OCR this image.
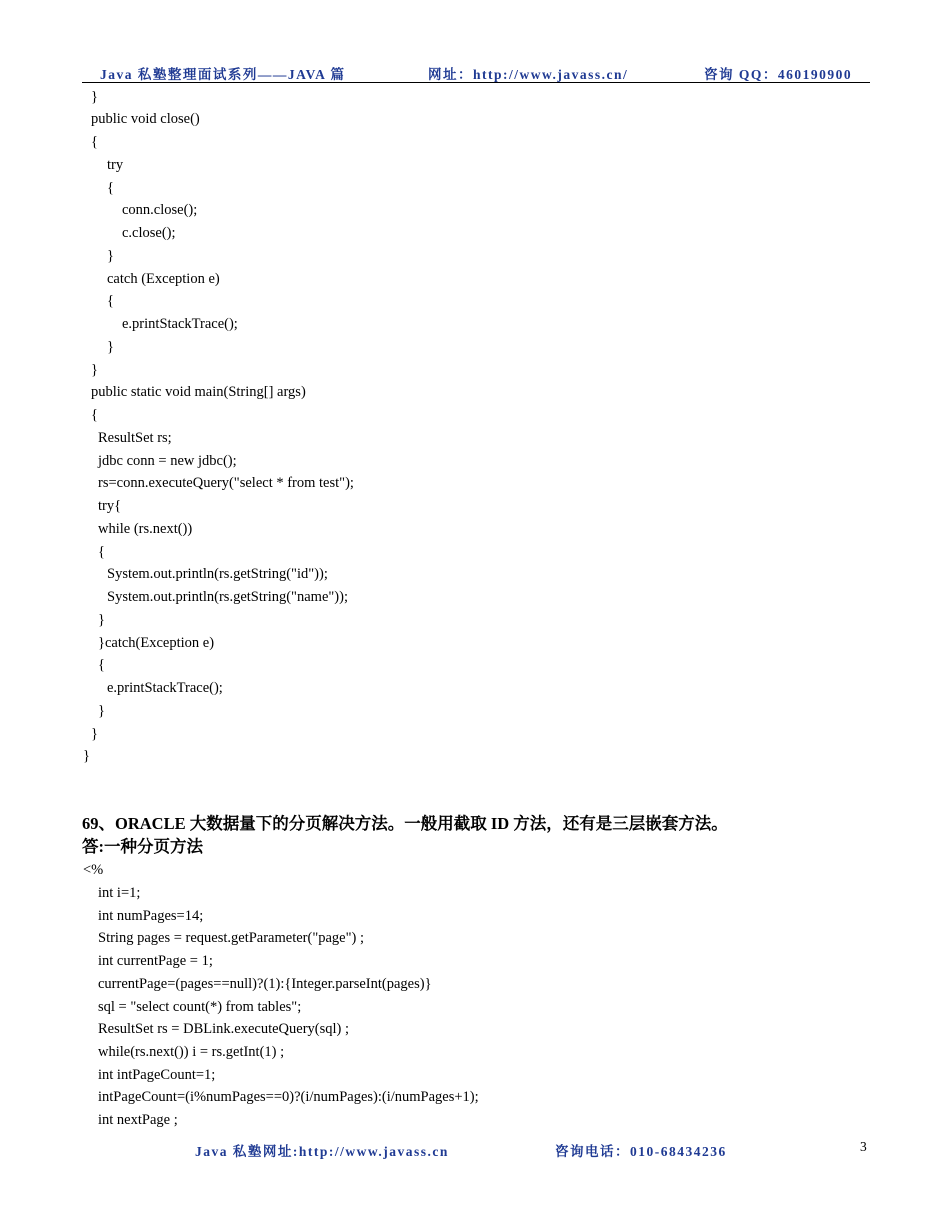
Java 私塾整理面试系列——JAVA 篇	网址：http://www.javass.cn/	咨询 QQ：460190900
}
public void close()
{
try
{
conn.close();
c.close();
}
catch (Exception e)
{
e.printStackTrace();
}
}
public static void main(String[] args)
{
ResultSet rs;
jdbc conn = new jdbc();
rs=conn.executeQuery("select * from test");
try{
while (rs.next())
{
System.out.println(rs.getString("id"));
System.out.println(rs.getString("name"));
}
}catch(Exception e)
{
e.printStackTrace();
}
}
}
69、ORACLE 大数据量下的分页解决方法。一般用截取 ID 方法，还有是三层嵌套方法。
答:一种分页方法
<%
int i=1;
int numPages=14;
String pages = request.getParameter("page") ;
int currentPage = 1;
currentPage=(pages==null)?(1):{Integer.parseInt(pages)}
sql = "select count(*) from tables";
ResultSet rs = DBLink.executeQuery(sql) ;
while(rs.next()) i = rs.getInt(1) ;
int intPageCount=1;
intPageCount=(i%numPages==0)?(i/numPages):(i/numPages+1);
int nextPage ;
Java 私塾网址:http://www.javass.cn	咨询电话：010-68434236	3
